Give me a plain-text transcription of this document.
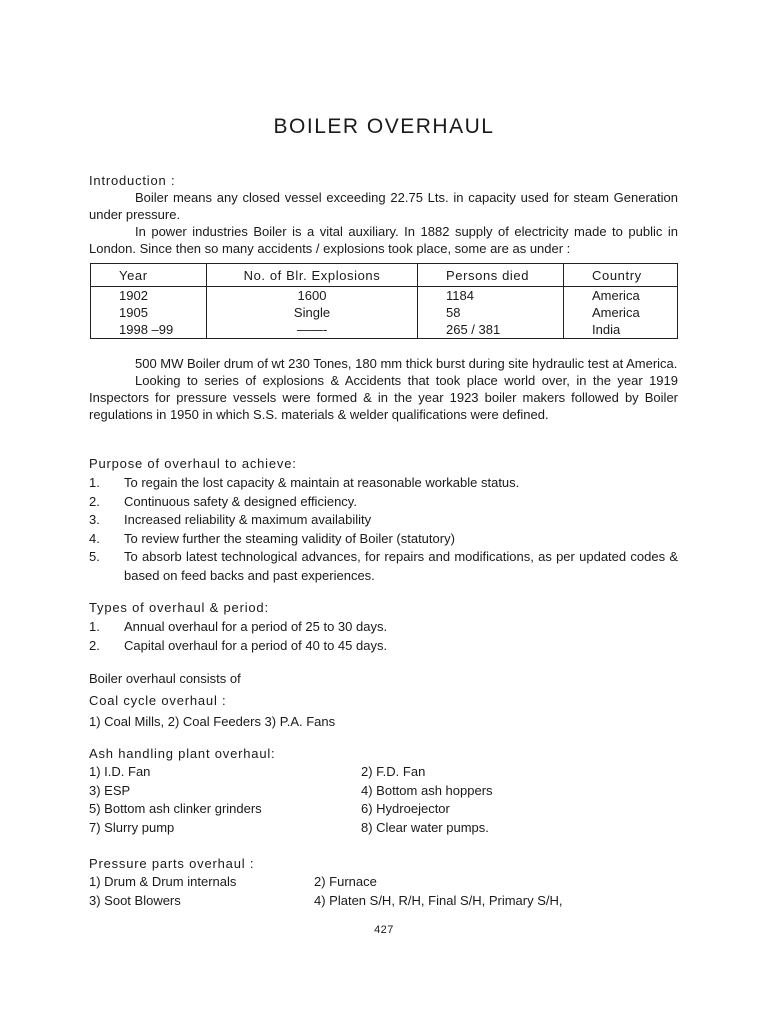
BOILER OVERHAUL
Introduction :

Boiler means any closed vessel exceeding 22.75 Lts. in capacity used for steam Generation under pressure.

In power industries Boiler is a vital auxiliary. In 1882 supply of electricity made to public in London. Since then so many accidents / explosions took place, some are as under :

Year	No. of Blr. Explosions	Persons died	Country
1902	1600	1184	America
1905	Single	58	America
1998 –99	——-	265 / 381	India

500 MW Boiler drum of wt 230 Tones, 180 mm thick burst during site hydraulic test at America.

Looking to series of explosions & Accidents that took place world over, in the year 1919 Inspectors for pressure vessels were formed & in the year 1923 boiler makers followed by Boiler regulations in 1950 in which S.S. materials & welder qualifications were defined.

Purpose of overhaul to achieve:
1.	To regain the lost capacity & maintain at reasonable workable status.
2.	Continuous safety & designed efficiency.
3.	Increased reliability & maximum availability
4.	To review further the steaming validity of Boiler (statutory)
5.	To absorb latest technological advances, for repairs and modifications, as per updated codes & based on feed backs and past experiences.
Types of overhaul & period:
1.	Annual overhaul for a period of 25 to 30 days.
2.	Capital overhaul for a period of 40 to 45 days.
Boiler overhaul consists of
Coal cycle overhaul :
1) Coal Mills, 2) Coal Feeders 3) P.A. Fans
Ash handling plant overhaul:
1) I.D. Fan	2) F.D. Fan
3) ESP	4) Bottom ash hoppers
5) Bottom ash clinker grinders	6) Hydroejector
7) Slurry pump	8) Clear water pumps.
Pressure parts overhaul :
1) Drum & Drum internals	2) Furnace
3) Soot Blowers	4) Platen S/H, R/H, Final S/H, Primary S/H,
427
